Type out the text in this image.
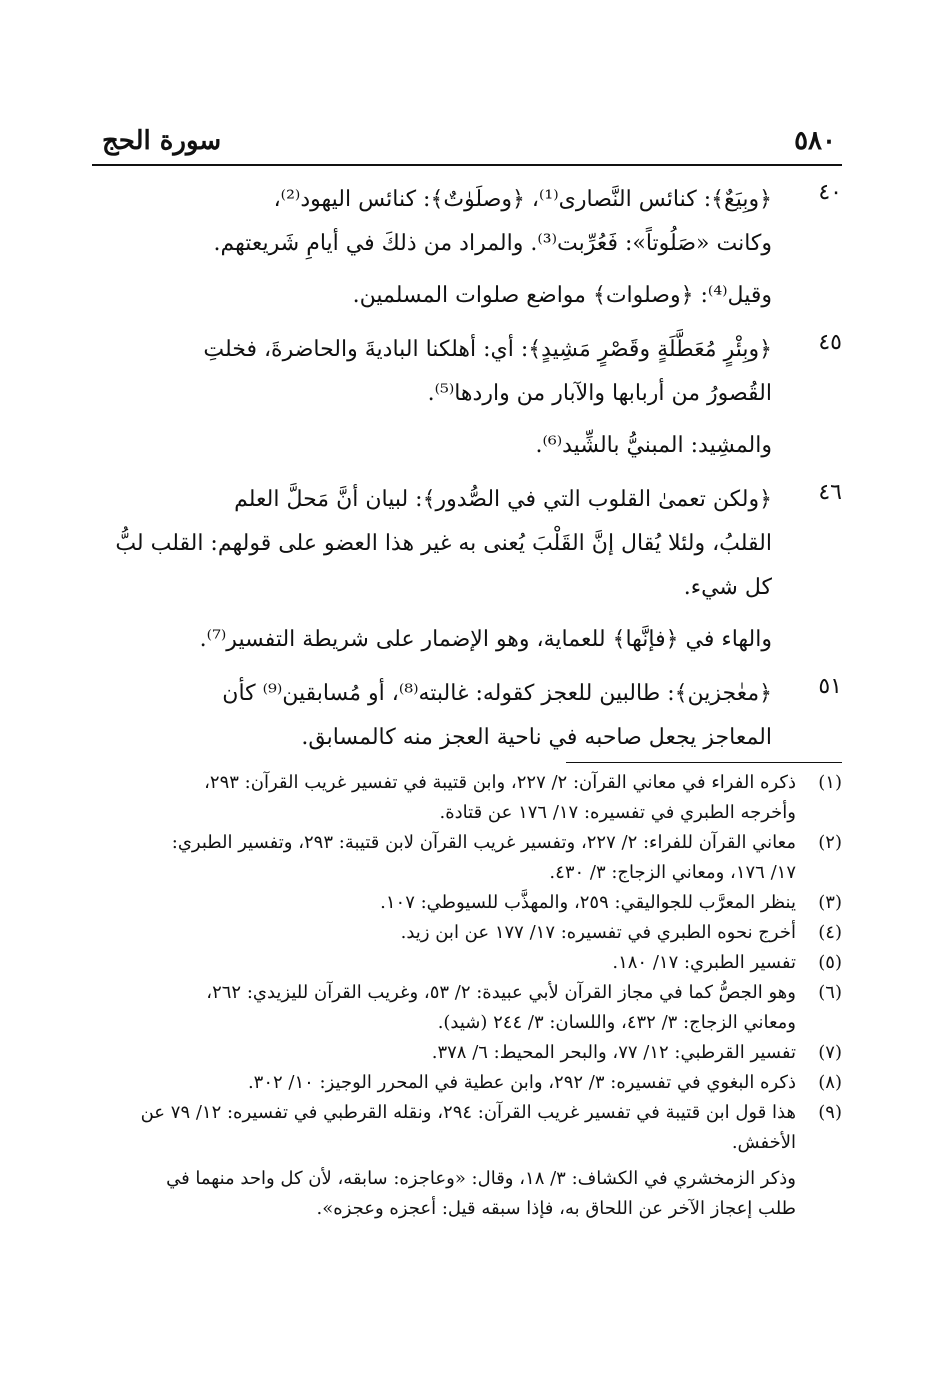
٥٨٠
سورة الحج
٤٠
﴿وبِيَعٌ﴾: كنائس النَّصارى⁽¹⁾، ﴿وصلَوٰتٌ﴾: كنائس اليهود⁽²⁾،
وكانت «صَلُوتاً»: فَعُرِّبت⁽³⁾. والمراد من ذلكَ في أيامِ شَريعتهم.
وقيل⁽⁴⁾: ﴿وصلوات﴾ مواضع صلوات المسلمين.
٤٥
﴿وبِئْرٍ مُعَطَّلَةٍ وقَصْرٍ مَشِيدٍ﴾: أي: أهلكنا الباديةَ والحاضرةَ، فخلتِ
القُصورُ من أربابها والآبار من واردها⁽⁵⁾.
والمشِيد: المبنيُّ بالشِّيد⁽⁶⁾.
٤٦
﴿ولكن تعمىٰ القلوب التي في الصُّدور﴾: لبيان أنَّ مَحلَّ العلم
القلبُ، ولئلا يُقال إنَّ القَلْبَ يُعنى به غير هذا العضو على قولهم: القلب لبُّ
كل شيء.
والهاء في ﴿فإنَّها﴾ للعماية، وهو الإضمار على شريطة التفسير⁽⁷⁾.
٥١
﴿معٰجزين﴾: طالبين للعجز كقوله: غالبته⁽⁸⁾، أو مُسابقين⁽⁹⁾ كأن
المعاجز يجعل صاحبه في ناحية العجز منه كالمسابق.
(١)
ذكره الفراء في معاني القرآن: ٢/ ٢٢٧، وابن قتيبة في تفسير غريب القرآن: ٢٩٣،
وأخرجه الطبري في تفسيره: ١٧/ ١٧٦ عن قتادة.
(٢)
معاني القرآن للفراء: ٢/ ٢٢٧، وتفسير غريب القرآن لابن قتيبة: ٢٩٣، وتفسير الطبري:
١٧/ ١٧٦، ومعاني الزجاج: ٣/ ٤٣٠.
(٣)
ينظر المعرَّب للجواليقي: ٢٥٩، والمهذَّب للسيوطي: ١٠٧.
(٤)
أخرج نحوه الطبري في تفسيره: ١٧/ ١٧٧ عن ابن زيد.
(٥)
تفسير الطبري: ١٧/ ١٨٠.
(٦)
وهو الجصُّ كما في مجاز القرآن لأبي عبيدة: ٢/ ٥٣، وغريب القرآن لليزيدي: ٢٦٢،
ومعاني الزجاج: ٣/ ٤٣٢، واللسان: ٣/ ٢٤٤ (شيد).
(٧)
تفسير القرطبي: ١٢/ ٧٧، والبحر المحيط: ٦/ ٣٧٨.
(٨)
ذكره البغوي في تفسيره: ٣/ ٢٩٢، وابن عطية في المحرر الوجيز: ١٠/ ٣٠٢.
(٩)
هذا قول ابن قتيبة في تفسير غريب القرآن: ٢٩٤، ونقله القرطبي في تفسيره: ١٢/ ٧٩ عن
الأخفش.
وذكر الزمخشري في الكشاف: ٣/ ١٨، وقال: «وعاجزه: سابقه، لأن كل واحد منهما في
طلب إعجاز الآخر عن اللحاق به، فإذا سبقه قيل: أعجزه وعجزه».
